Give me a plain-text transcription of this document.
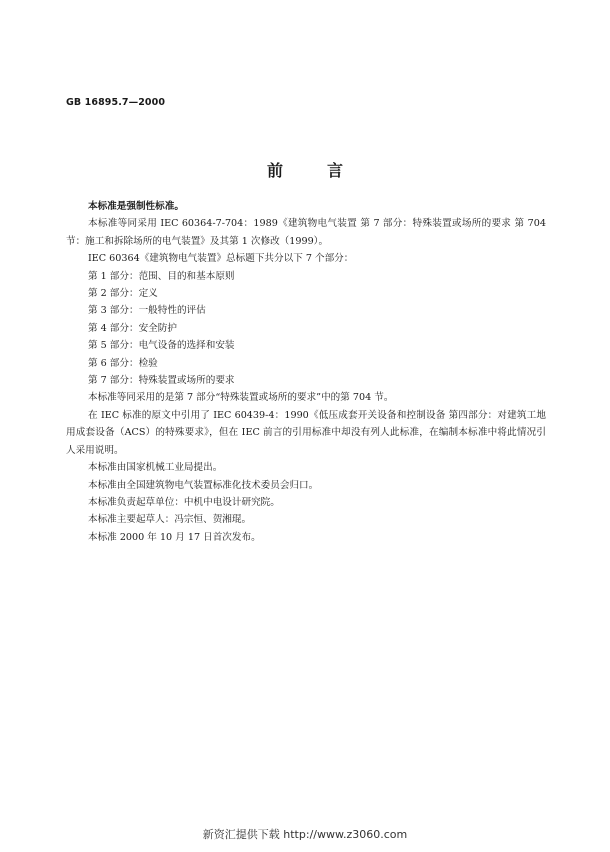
GB 16895.7—2000
前	言

本标准是强制性标准。

本标准等同采用 IEC 60364-7-704：1989《建筑物电气装置 第 7 部分：特殊装置或场所的要求 第 704 节：施工和拆除场所的电气装置》及其第 1 次修改（1999）。

IEC 60364《建筑物电气装置》总标题下共分以下 7 个部分：

第 1 部分：范围、目的和基本原则

第 2 部分：定义

第 3 部分：一般特性的评估

第 4 部分：安全防护

第 5 部分：电气设备的选择和安装

第 6 部分：检验

第 7 部分：特殊装置或场所的要求

本标准等同采用的是第 7 部分“特殊装置或场所的要求”中的第 704 节。

在 IEC 标准的原文中引用了 IEC 60439-4：1990《低压成套开关设备和控制设备 第四部分：对建筑工地用成套设备（ACS）的特殊要求》，但在 IEC 前言的引用标准中却没有列人此标准，在编制本标准中将此情况引人采用说明。

本标准由国家机械工业局提出。

本标准由全国建筑物电气装置标准化技术委员会归口。

本标准负责起草单位：中机中电设计研究院。

本标准主要起草人：冯宗恒、贺湘琨。

本标准 2000 年 10 月 17 日首次发布。

新资汇提供下载 http://www.z3060.com
